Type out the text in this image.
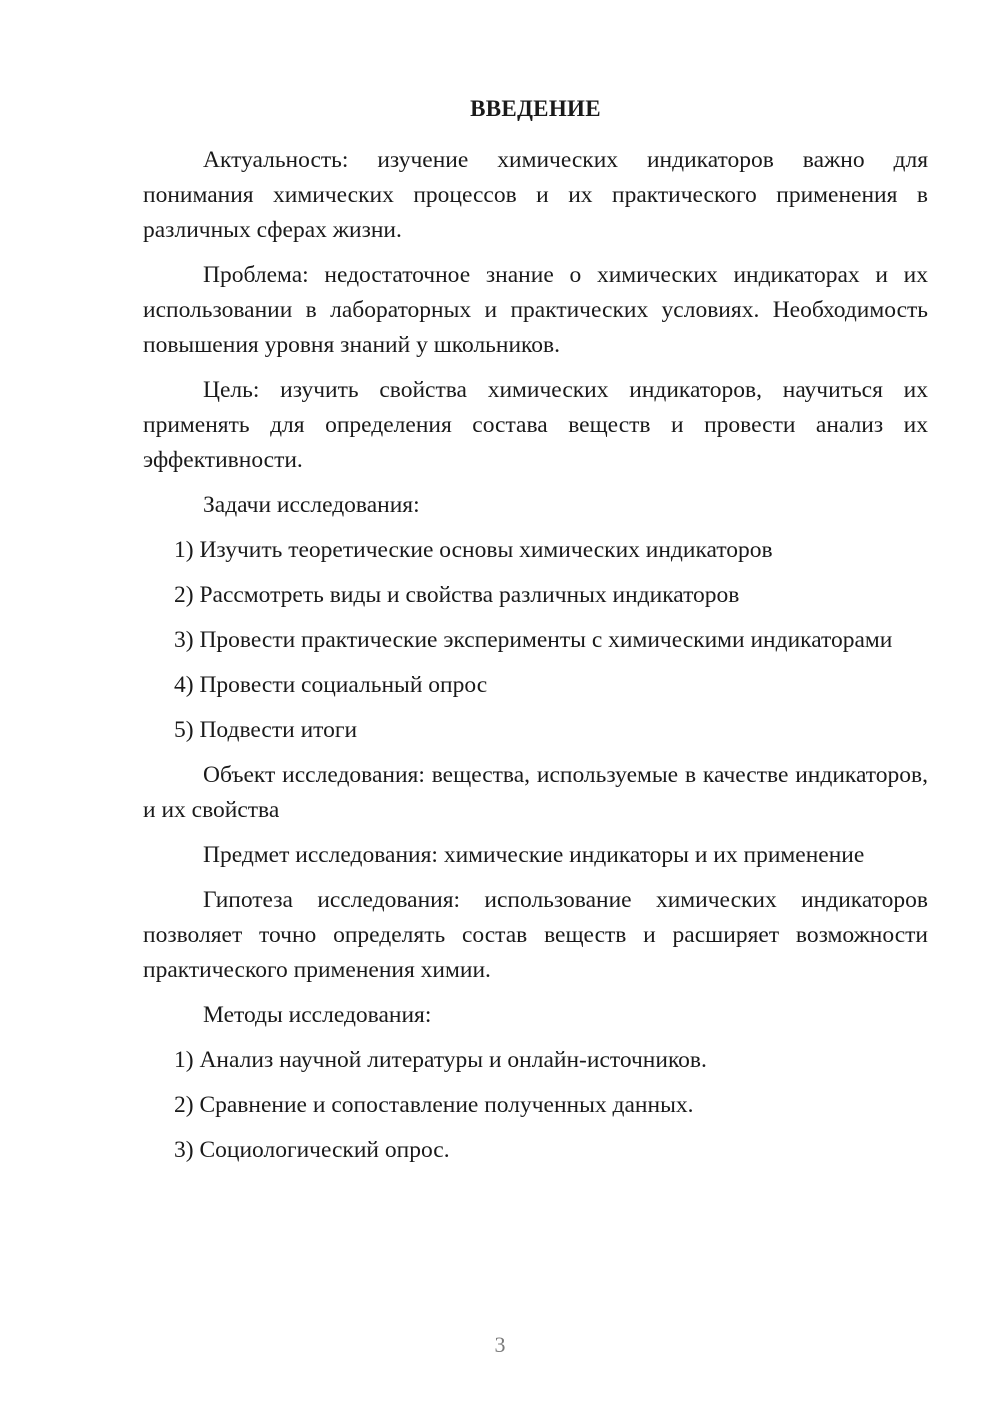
ВВЕДЕНИЕ

Актуальность: изучение химических индикаторов важно для понимания химических процессов и их практического применения в различных сферах жизни.

Проблема: недостаточное знание о химических индикаторах и их использовании в лабораторных и практических условиях. Необходимость повышения уровня знаний у школьников.

Цель: изучить свойства химических индикаторов, научиться их применять для определения состава веществ и провести анализ их эффективности.

Задачи исследования:

1) Изучить теоретические основы химических индикаторов

2) Рассмотреть виды и свойства различных индикаторов

3) Провести практические эксперименты с химическими индикаторами

4) Провести социальный опрос

5) Подвести итоги

Объект исследования: вещества, используемые в качестве индикаторов, и их свойства

Предмет исследования: химические индикаторы и их применение

Гипотеза исследования: использование химических индикаторов позволяет точно определять состав веществ и расширяет возможности практического применения химии.

Методы исследования:

1) Анализ научной литературы и онлайн-источников.

2) Сравнение и сопоставление полученных данных.

3) Социологический опрос.

3
